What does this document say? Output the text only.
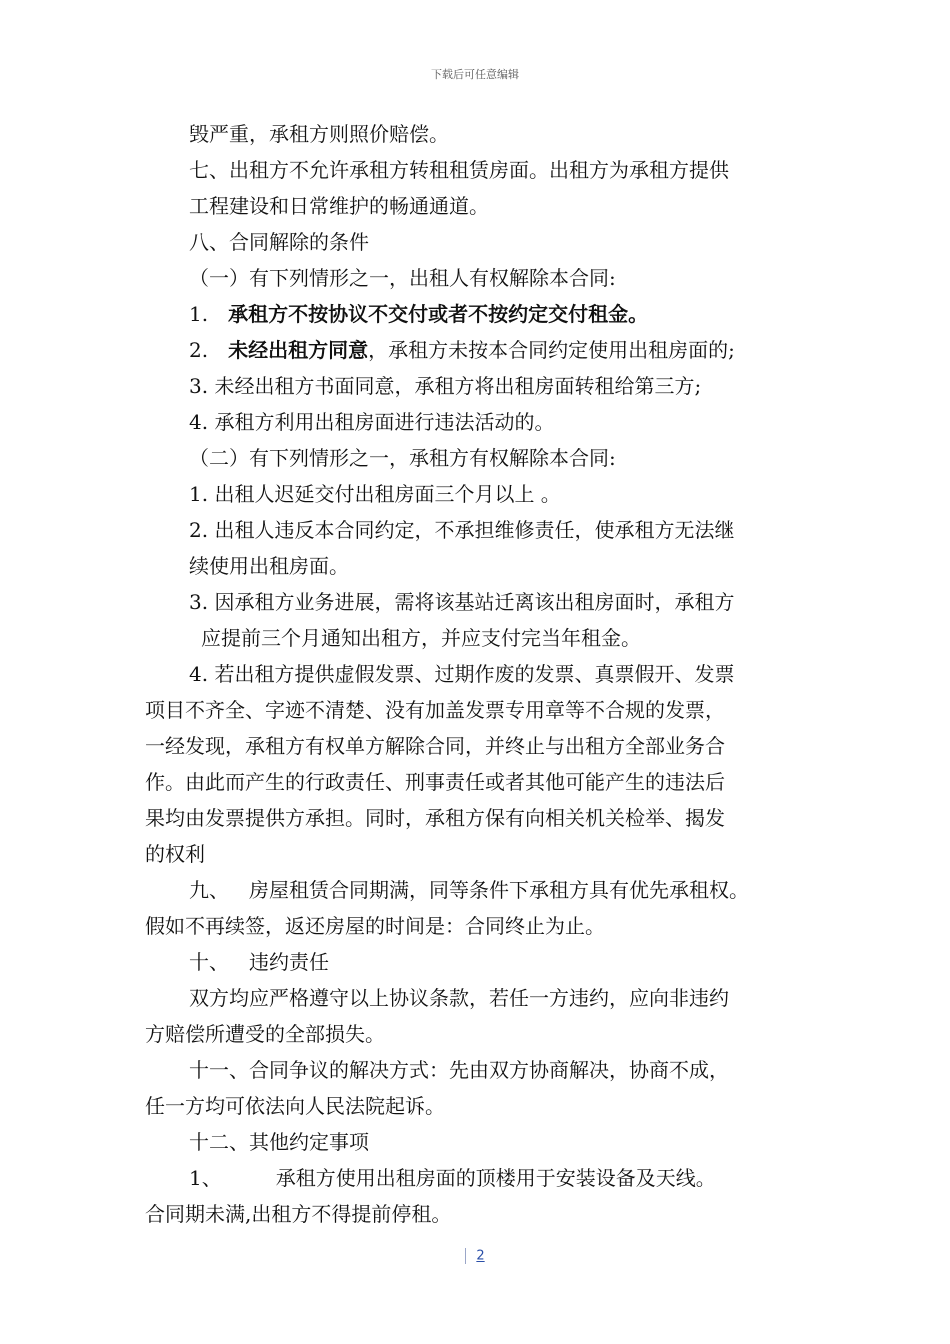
下载后可任意编辑
毁严重，承租方则照价赔偿。
七、出租方不允许承租方转租租赁房面。出租方为承租方提供
工程建设和日常维护的畅通通道。
八、合同解除的条件
（一）有下列情形之一，出租人有权解除本合同:
1. 承租方不按协议不交付或者不按约定交付租金。
2. 未经出租方同意，承租方未按本合同约定使用出租房面的;
3. 未经出租方书面同意，承租方将出租房面转租给第三方;
4. 承租方利用出租房面进行违法活动的。
（二）有下列情形之一，承租方有权解除本合同:
1. 出租人迟延交付出租房面三个月以上 。
2. 出租人违反本合同约定，不承担维修责任，使承租方无法继
续使用出租房面。
3. 因承租方业务进展，需将该基站迁离该出租房面时，承租方
应提前三个月通知出租方，并应支付完当年租金。
4. 若出租方提供虚假发票、过期作废的发票、真票假开、发票
项目不齐全、字迹不清楚、没有加盖发票专用章等不合规的发票，
一经发现，承租方有权单方解除合同，并终止与出租方全部业务合
作。由此而产生的行政责任、刑事责任或者其他可能产生的违法后
果均由发票提供方承担。同时，承租方保有向相关机关检举、揭发
的权利
九、 房屋租赁合同期满，同等条件下承租方具有优先承租权。
假如不再续签，返还房屋的时间是：合同终止为止。
十、 违约责任
双方均应严格遵守以上协议条款，若任一方违约，应向非违约
方赔偿所遭受的全部损失。
十一、合同争议的解决方式：先由双方协商解决，协商不成，
任一方均可依法向人民法院起诉。
十二、其他约定事项
1、	承租方使用出租房面的顶楼用于安装设备及天线。
合同期未满,出租方不得提前停租。
2
